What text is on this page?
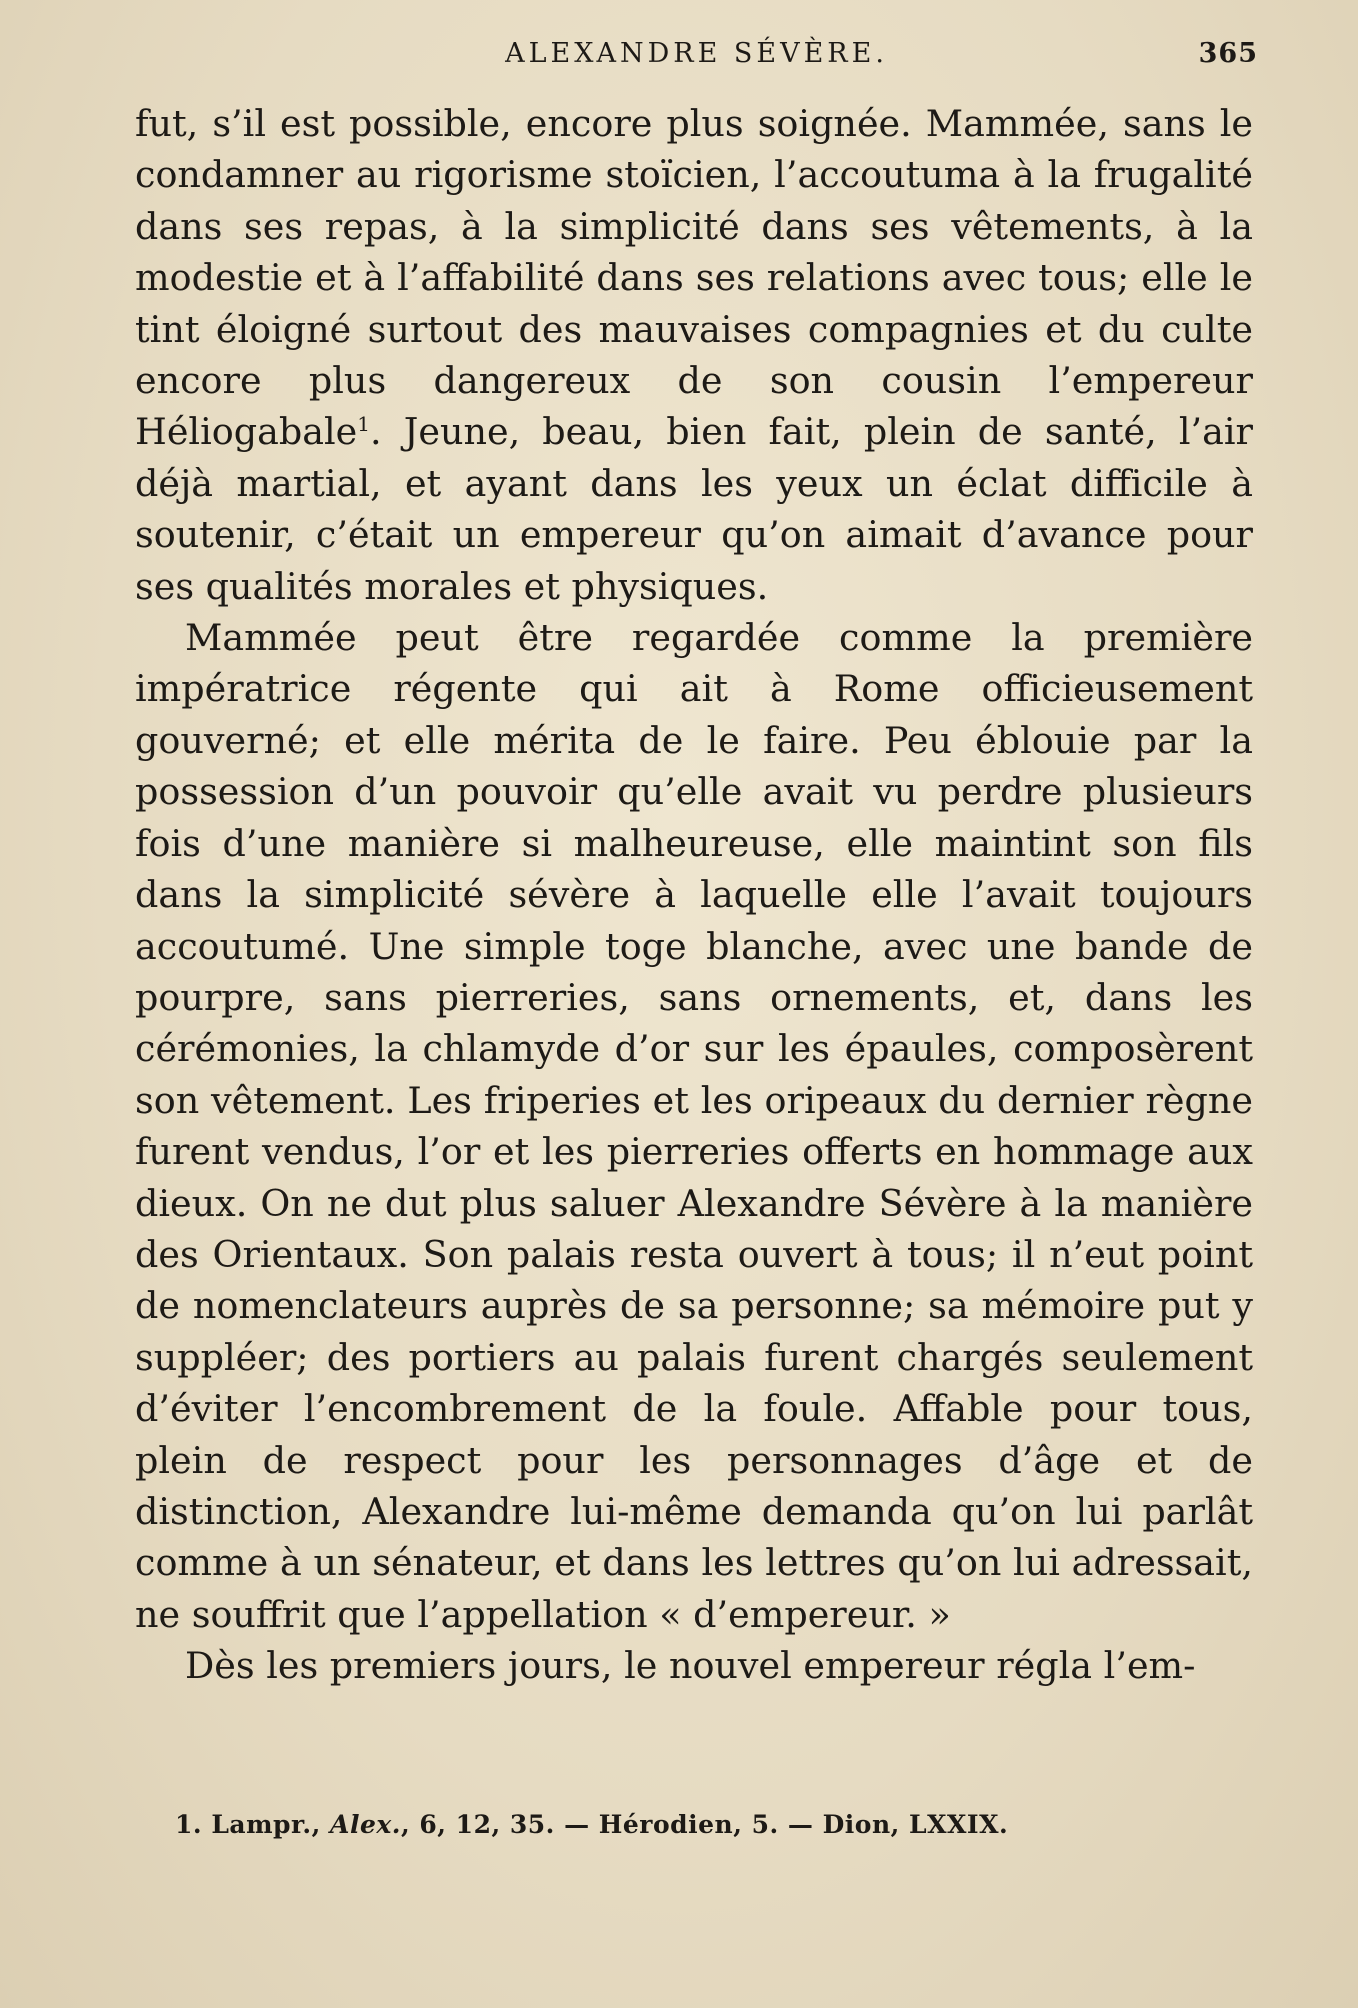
ALEXANDRE SÉVÈRE.	365

fut, s’il est possible, encore plus soignée. Mammée, sans le condamner au rigorisme stoïcien, l’accoutuma à la frugalité dans ses repas, à la simplicité dans ses vêtements, à la modestie et à l’affabilité dans ses relations avec tous; elle le tint éloigné surtout des mauvaises compagnies et du culte encore plus dangereux de son cousin l’empereur Héliogabale$^1$. Jeune, beau, bien fait, plein de santé, l’air déjà martial, et ayant dans les yeux un éclat difficile à soutenir, c’était un empereur qu’on aimait d’avance pour ses qualités morales et physiques.

Mammée peut être regardée comme la première impératrice régente qui ait à Rome officieusement gouverné; et elle mérita de le faire. Peu éblouie par la possession d’un pouvoir qu’elle avait vu perdre plusieurs fois d’une manière si malheureuse, elle maintint son fils dans la simplicité sévère à laquelle elle l’avait toujours accoutumé. Une simple toge blanche, avec une bande de pourpre, sans pierreries, sans ornements, et, dans les cérémonies, la chlamyde d’or sur les épaules, composèrent son vêtement. Les friperies et les oripeaux du dernier règne furent vendus, l’or et les pierreries offerts en hommage aux dieux. On ne dut plus saluer Alexandre Sévère à la manière des Orientaux. Son palais resta ouvert à tous; il n’eut point de nomenclateurs auprès de sa personne; sa mémoire put y suppléer; des portiers au palais furent chargés seulement d’éviter l’encombrement de la foule. Affable pour tous, plein de respect pour les personnages d’âge et de distinction, Alexandre lui-même demanda qu’on lui parlât comme à un sénateur, et dans les lettres qu’on lui adressait, ne souffrit que l’appellation « d’empereur. »

Dès les premiers jours, le nouvel empereur régla l’em-

1. Lampr., Alex., 6, 12, 35. — Hérodien, 5. — Dion, LXXIX.
